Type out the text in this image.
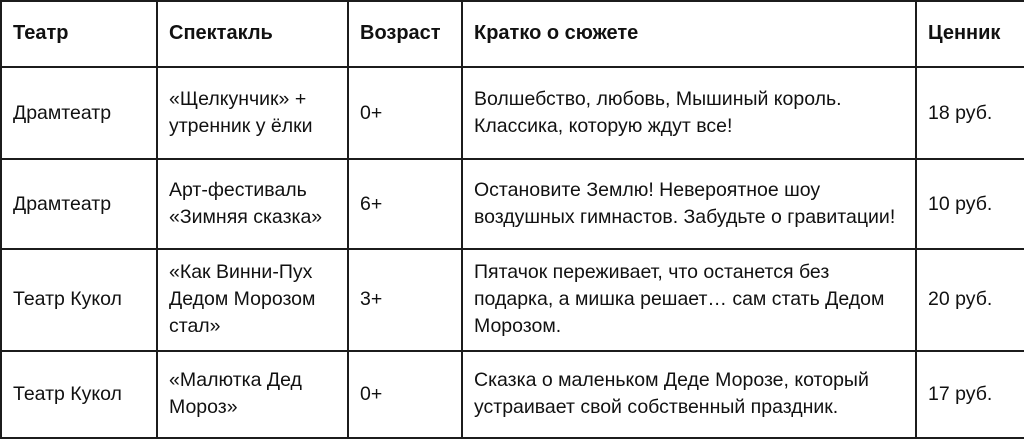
Театр	Спектакль	Возраст	Кратко о сюжете	Ценник
Драмтеатр	«Щелкунчик» + утренник у ёлки	0+	Волшебство, любовь, Мышиный король. Классика, которую ждут все!	18 руб.
Драмтеатр	Арт-фестиваль «Зимняя сказка»	6+	Остановите Землю! Невероятное шоу воздушных гимнастов. Забудьте о гравитации!	10 руб.
Театр Кукол	«Как Винни-Пух Дедом Морозом стал»	3+	Пятачок переживает, что останется без подарка, а мишка решает… сам стать Дедом Морозом.	20 руб.
Театр Кукол	«Малютка Дед Мороз»	0+	Сказка о маленьком Деде Морозе, который устраивает свой собственный праздник.	17 руб.
